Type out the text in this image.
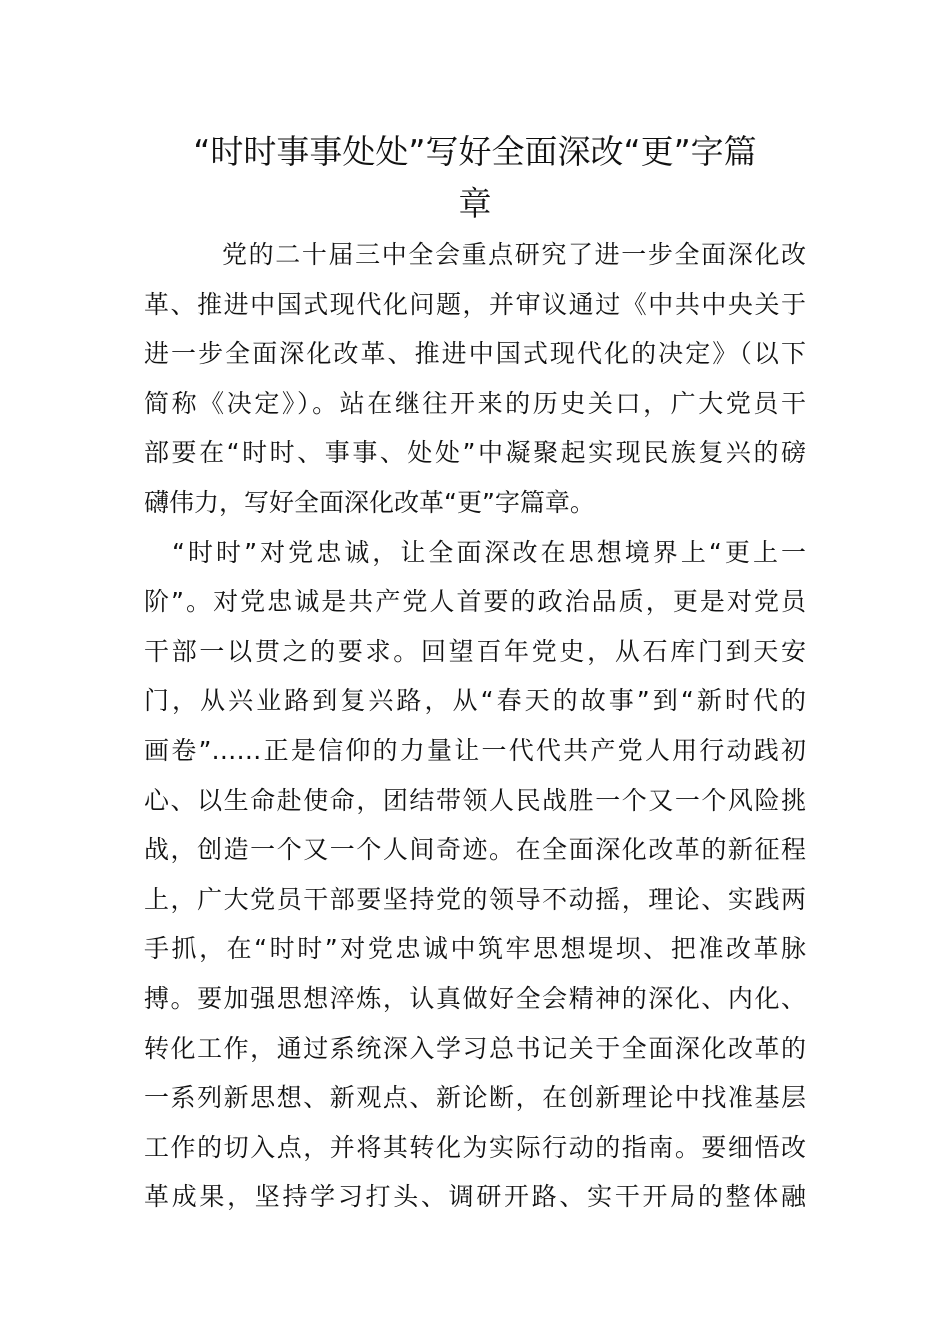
“时时事事处处”写好全面深改“更”字篇
章
党的二十届三中全会重点研究了进一步全面深化改
革、推进中国式现代化问题，并审议通过《中共中央关于
进一步全面深化改革、推进中国式现代化的决定》（以下
简称《决定》）。站在继往开来的历史关口，广大党员干
部要在“时时、事事、处处”中凝聚起实现民族复兴的磅
礴伟力，写好全面深化改革“更”字篇章。
“时时”对党忠诚，让全面深改在思想境界上“更上一
阶”。对党忠诚是共产党人首要的政治品质，更是对党员
干部一以贯之的要求。回望百年党史，从石库门到天安
门，从兴业路到复兴路，从“春天的故事”到“新时代的
画卷”……正是信仰的力量让一代代共产党人用行动践初
心、以生命赴使命，团结带领人民战胜一个又一个风险挑
战，创造一个又一个人间奇迹。在全面深化改革的新征程
上，广大党员干部要坚持党的领导不动摇，理论、实践两
手抓，在“时时”对党忠诚中筑牢思想堤坝、把准改革脉
搏。要加强思想淬炼，认真做好全会精神的深化、内化、
转化工作，通过系统深入学习总书记关于全面深化改革的
一系列新思想、新观点、新论断，在创新理论中找准基层
工作的切入点，并将其转化为实际行动的指南。要细悟改
革成果，坚持学习打头、调研开路、实干开局的整体融
